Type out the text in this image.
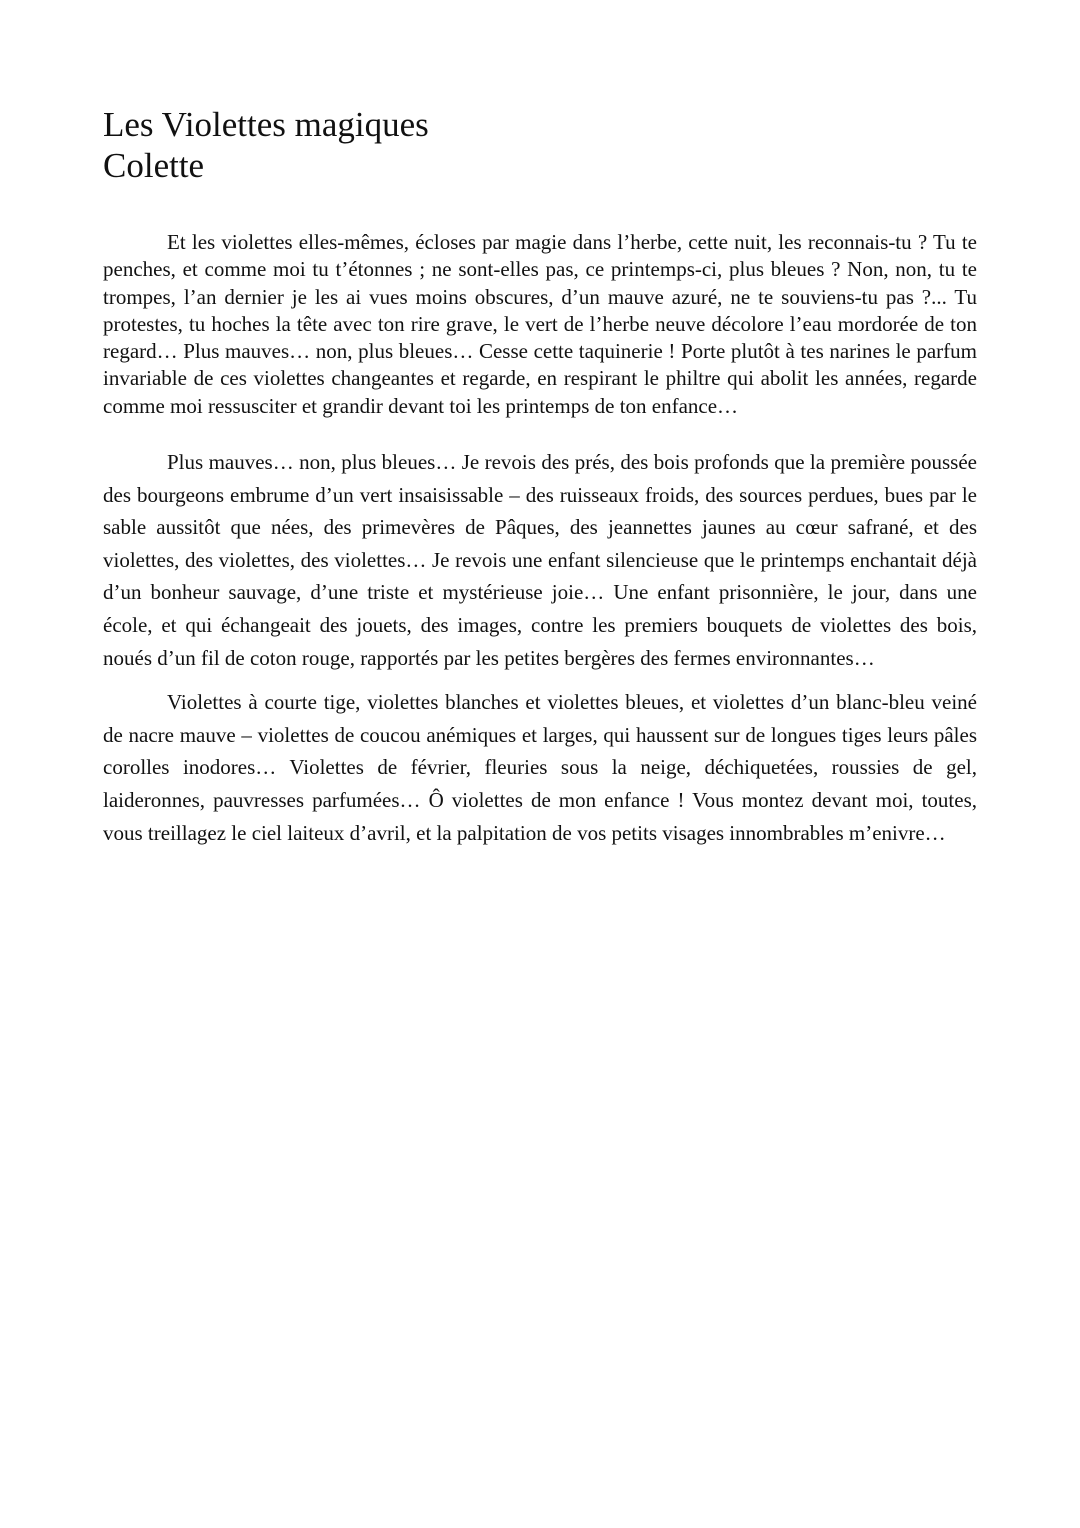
Les Violettes magiques
Colette

Et les violettes elles-mêmes, écloses par magie dans l’herbe, cette nuit, les reconnais-tu ? Tu te penches, et comme moi tu t’étonnes ; ne sont-elles pas, ce printemps-ci, plus bleues ? Non, non, tu te trompes, l’an dernier je les ai vues moins obscures, d’un mauve azuré, ne te souviens-tu pas ?... Tu protestes, tu hoches la tête avec ton rire grave, le vert de l’herbe neuve décolore l’eau mordorée de ton regard… Plus mauves… non, plus bleues… Cesse cette taquinerie ! Porte plutôt à tes narines le parfum invariable de ces violettes changeantes et regarde, en respirant le philtre qui abolit les années, regarde comme moi ressusciter et grandir devant toi les printemps de ton enfance…

Plus mauves… non, plus bleues… Je revois des prés, des bois profonds que la première poussée des bourgeons embrume d’un vert insaisissable – des ruisseaux froids, des sources perdues, bues par le sable aussitôt que nées, des primevères de Pâques, des jeannettes jaunes au cœur safrané, et des violettes, des violettes, des violettes… Je revois une enfant silencieuse que le printemps enchantait déjà d’un bonheur sauvage, d’une triste et mystérieuse joie… Une enfant prisonnière, le jour, dans une école, et qui échangeait des jouets, des images, contre les premiers bouquets de violettes des bois, noués d’un fil de coton rouge, rapportés par les petites bergères des fermes environnantes…

Violettes à courte tige, violettes blanches et violettes bleues, et violettes d’un blanc-bleu veiné de nacre mauve – violettes de coucou anémiques et larges, qui haussent sur de longues tiges leurs pâles corolles inodores… Violettes de février, fleuries sous la neige, déchiquetées, roussies de gel, laideronnes, pauvresses parfumées… Ô violettes de mon enfance ! Vous montez devant moi, toutes, vous treillagez le ciel laiteux d’avril, et la palpitation de vos petits visages innombrables m’enivre…
